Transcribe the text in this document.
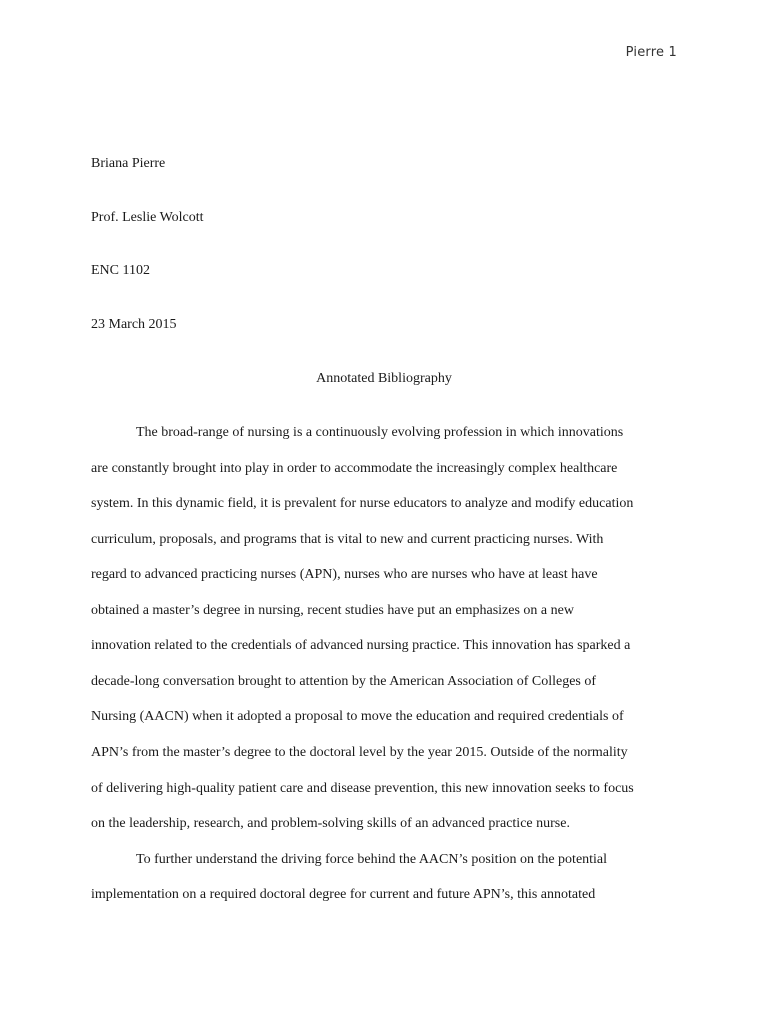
Pierre 1
Briana Pierre
Prof. Leslie Wolcott
ENC 1102
23 March 2015
Annotated Bibliography
The broad-range of nursing is a continuously evolving profession in which innovations
are constantly brought into play in order to accommodate the increasingly complex healthcare
system. In this dynamic field, it is prevalent for nurse educators to analyze and modify education
curriculum, proposals, and programs that is vital to new and current practicing nurses. With
regard to advanced practicing nurses (APN), nurses who are nurses who have at least have
obtained a master’s degree in nursing, recent studies have put an emphasizes on a new
innovation related to the credentials of advanced nursing practice. This innovation has sparked a
decade-long conversation brought to attention by the American Association of Colleges of
Nursing (AACN) when it adopted a proposal to move the education and required credentials of
APN’s from the master’s degree to the doctoral level by the year 2015. Outside of the normality
of delivering high-quality patient care and disease prevention, this new innovation seeks to focus
on the leadership, research, and problem-solving skills of an advanced practice nurse.
To further understand the driving force behind the AACN’s position on the potential
implementation on a required doctoral degree for current and future APN’s, this annotated
